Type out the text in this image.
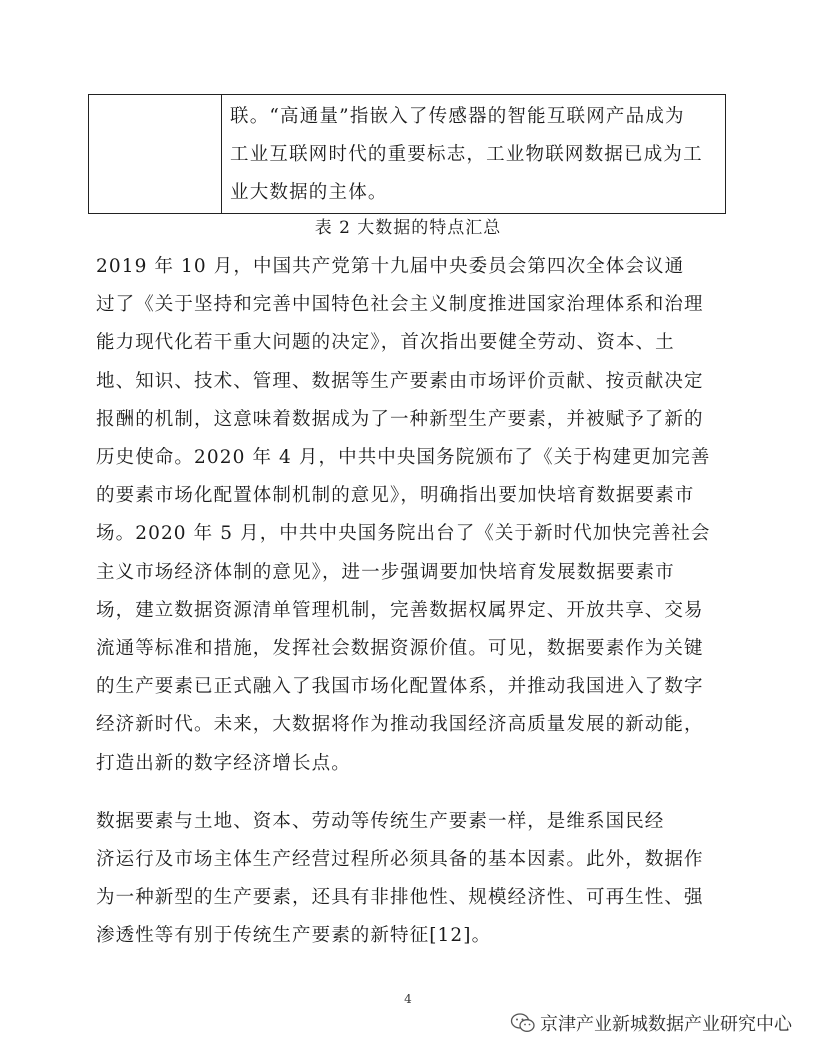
联。“高通量”指嵌入了传感器的智能互联网产品成为

工业互联网时代的重要标志，工业物联网数据已成为工

业大数据的主体。

表 2 大数据的特点汇总

2019 年 10 月，中国共产党第十九届中央委员会第四次全体会议通

过了《关于坚持和完善中国特色社会主义制度推进国家治理体系和治理

能力现代化若干重大问题的决定》，首次指出要健全劳动、资本、土

地、知识、技术、管理、数据等生产要素由市场评价贡献、按贡献决定

报酬的机制，这意味着数据成为了一种新型生产要素，并被赋予了新的

历史使命。2020 年 4 月，中共中央国务院颁布了《关于构建更加完善

的要素市场化配置体制机制的意见》，明确指出要加快培育数据要素市

场。2020 年 5 月，中共中央国务院出台了《关于新时代加快完善社会

主义市场经济体制的意见》，进一步强调要加快培育发展数据要素市

场，建立数据资源清单管理机制，完善数据权属界定、开放共享、交易

流通等标准和措施，发挥社会数据资源价值。可见，数据要素作为关键

的生产要素已正式融入了我国市场化配置体系，并推动我国进入了数字

经济新时代。未来，大数据将作为推动我国经济高质量发展的新动能，

打造出新的数字经济增长点。

数据要素与土地、资本、劳动等传统生产要素一样，是维系国民经

济运行及市场主体生产经营过程所必须具备的基本因素。此外，数据作

为一种新型的生产要素，还具有非排他性、规模经济性、可再生性、强

渗透性等有别于传统生产要素的新特征[12]。

4
京津产业新城数据产业研究中心
